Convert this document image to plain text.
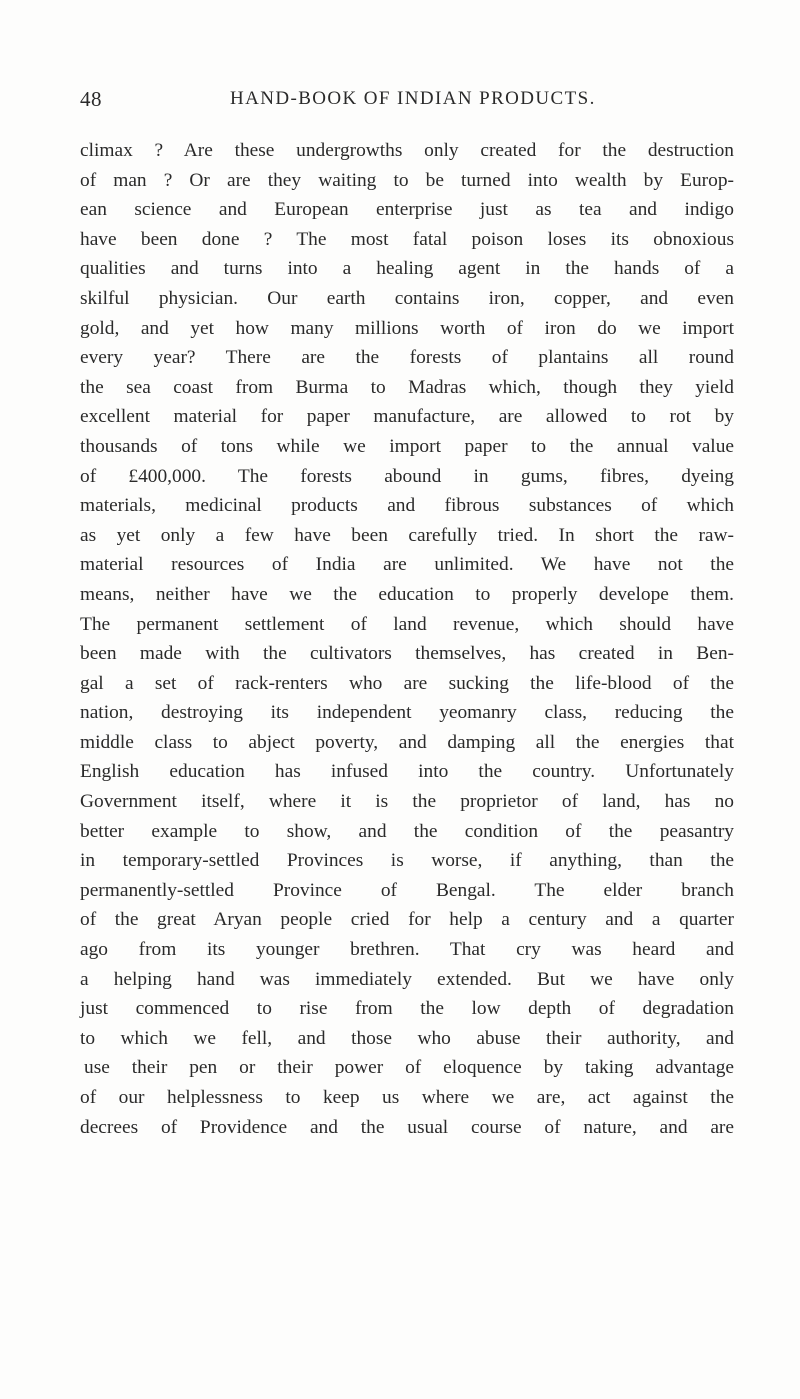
48	HAND-BOOK OF INDIAN PRODUCTS.
climax ? Are these undergrowths only created for the destruction
of man ? Or are they waiting to be turned into wealth by Europ-
ean science and European enterprise just as tea and indigo
have been done ? The most fatal poison loses its obnoxious
qualities and turns into a healing agent in the hands of a
skilful physician. Our earth contains iron, copper, and even
gold, and yet how many millions worth of iron do we import
every year? There are the forests of plantains all round
the sea coast from Burma to Madras which, though they yield
excellent material for paper manufacture, are allowed to rot by
thousands of tons while we import paper to the annual value
of £400,000. The forests abound in gums, fibres, dyeing
materials, medicinal products and fibrous substances of which
as yet only a few have been carefully tried. In short the raw-
material resources of India are unlimited. We have not the
means, neither have we the education to properly develope them.
The permanent settlement of land revenue, which should have
been made with the cultivators themselves, has created in Ben-
gal a set of rack-renters who are sucking the life-blood of the
nation, destroying its independent yeomanry class, reducing the
middle class to abject poverty, and damping all the energies that
English education has infused into the country. Unfortunately
Government itself, where it is the proprietor of land, has no
better example to show, and the condition of the peasantry
in temporary-settled Provinces is worse, if anything, than the
permanently-settled Province of Bengal. The elder branch
of the great Aryan people cried for help a century and a quarter
ago from its younger brethren. That cry was heard and
a helping hand was immediately extended. But we have only
just commenced to rise from the low depth of degradation
to which we fell, and those who abuse their authority, and
use their pen or their power of eloquence by taking advantage
of our helplessness to keep us where we are, act against the
decrees of Providence and the usual course of nature, and are
